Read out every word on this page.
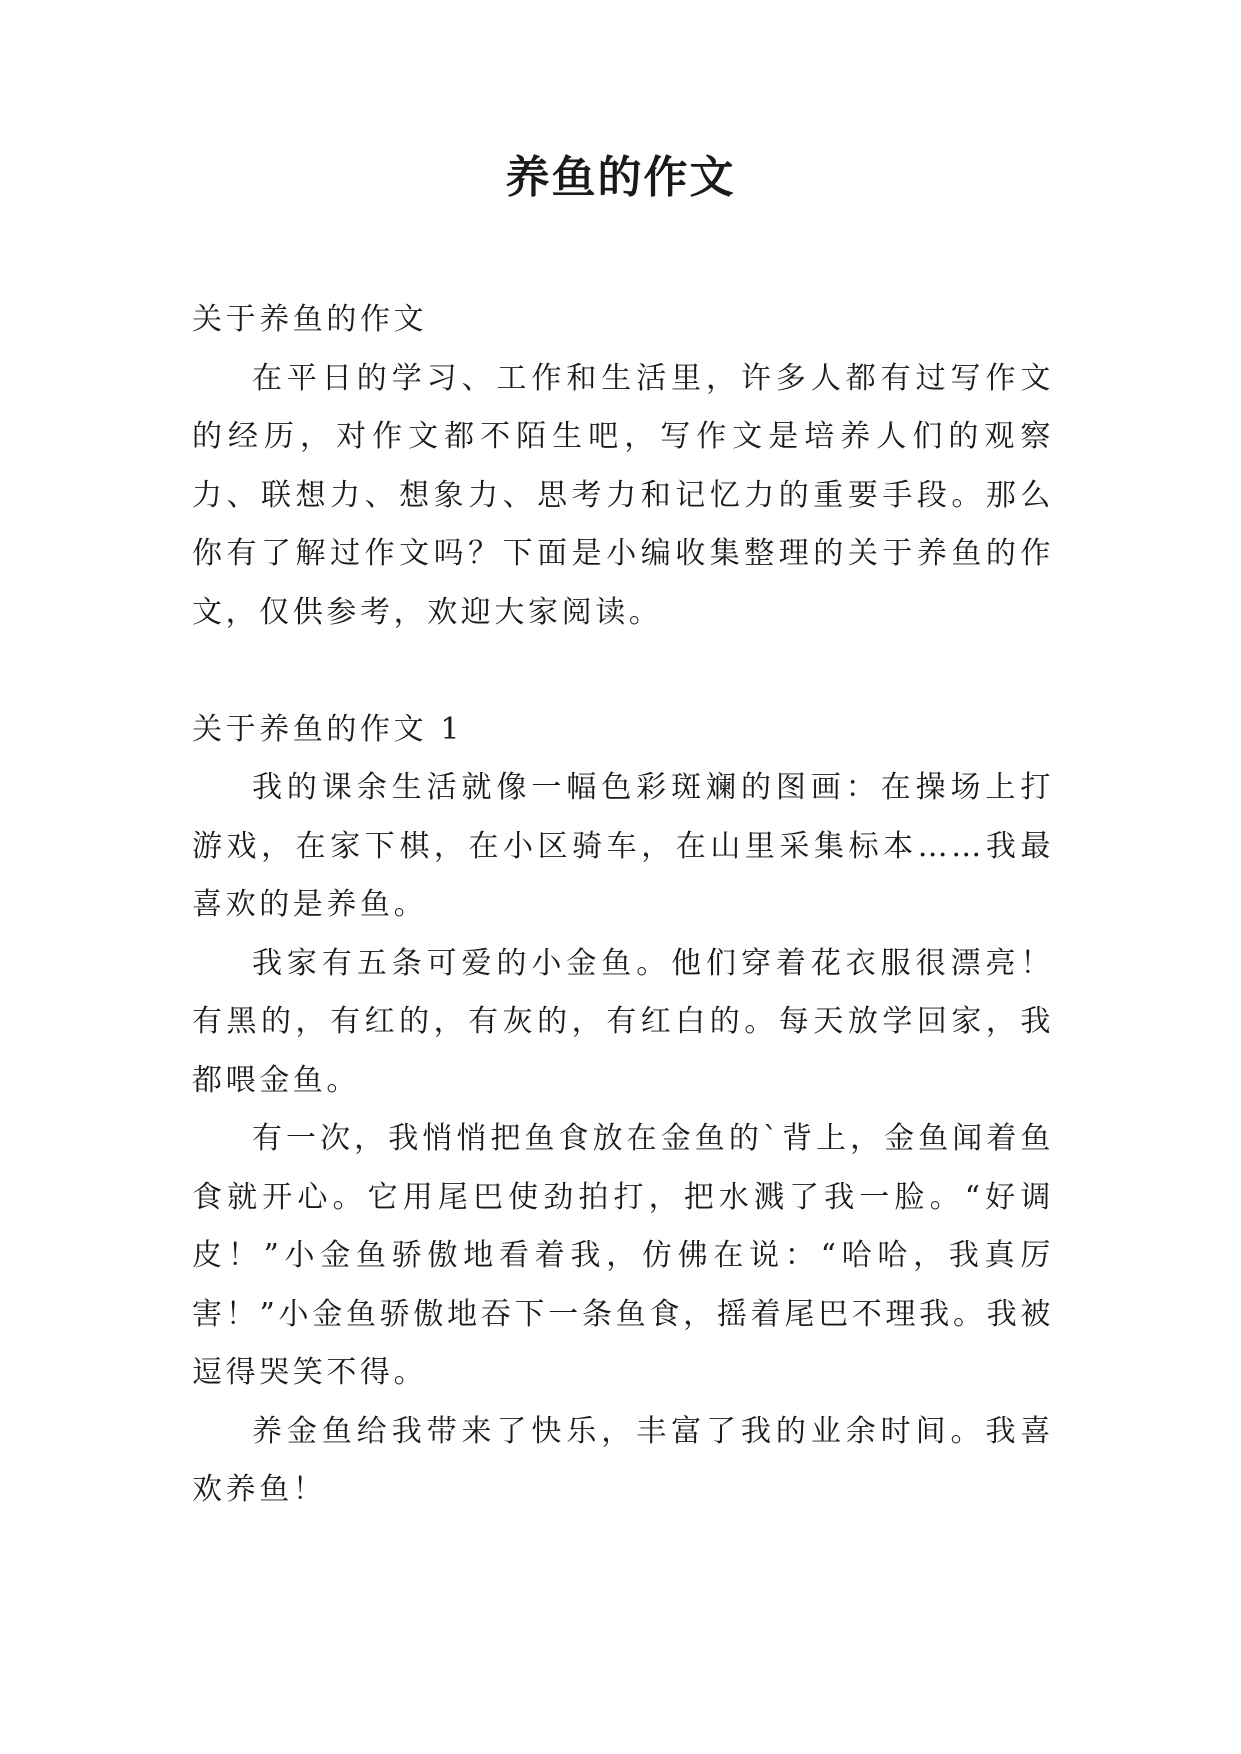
养鱼的作文

关于养鱼的作文

在平日的学习、工作和生活里，许多人都有过写作文的经历，对作文都不陌生吧，写作文是培养人们的观察力、联想力、想象力、思考力和记忆力的重要手段。那么你有了解过作文吗？下面是小编收集整理的关于养鱼的作文，仅供参考，欢迎大家阅读。

关于养鱼的作文 1

我的课余生活就像一幅色彩斑斓的图画：在操场上打游戏，在家下棋，在小区骑车，在山里采集标本……我最喜欢的是养鱼。

我家有五条可爱的小金鱼。他们穿着花衣服很漂亮！有黑的，有红的，有灰的，有红白的。每天放学回家，我都喂金鱼。

有一次，我悄悄把鱼食放在金鱼的`背上，金鱼闻着鱼食就开心。它用尾巴使劲拍打，把水溅了我一脸。“好调皮！”小金鱼骄傲地看着我，仿佛在说：“哈哈，我真厉害！”小金鱼骄傲地吞下一条鱼食，摇着尾巴不理我。我被逗得哭笑不得。

养金鱼给我带来了快乐，丰富了我的业余时间。我喜欢养鱼！
